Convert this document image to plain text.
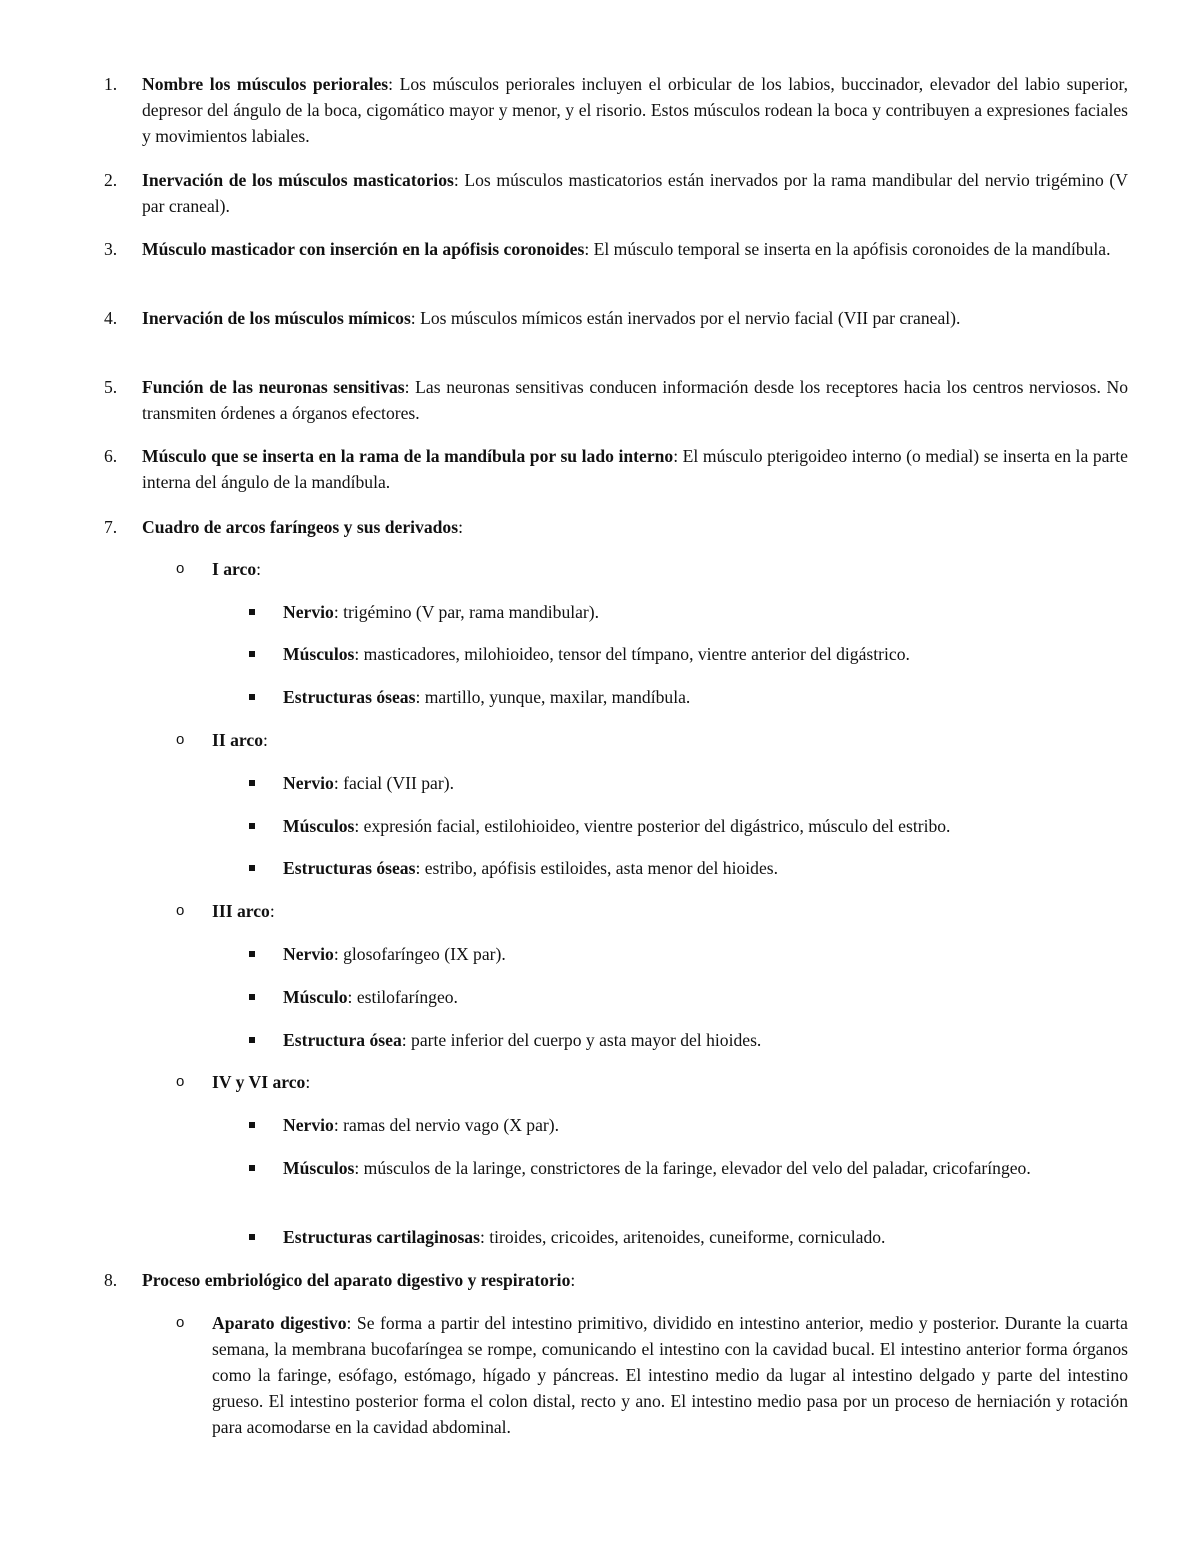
1. Nombre los músculos periorales: Los músculos periorales incluyen el orbicular de los labios, buccinador, elevador del labio superior, depresor del ángulo de la boca, cigomático mayor y menor, y el risorio. Estos músculos rodean la boca y contribuyen a expresiones faciales y movimientos labiales.
2. Inervación de los músculos masticatorios: Los músculos masticatorios están inervados por la rama mandibular del nervio trigémino (V par craneal).
3. Músculo masticador con inserción en la apófisis coronoides: El músculo temporal se inserta en la apófisis coronoides de la mandíbula.
4. Inervación de los músculos mímicos: Los músculos mímicos están inervados por el nervio facial (VII par craneal).
5. Función de las neuronas sensitivas: Las neuronas sensitivas conducen información desde los receptores hacia los centros nerviosos. No transmiten órdenes a órganos efectores.
6. Músculo que se inserta en la rama de la mandíbula por su lado interno: El músculo pterigoideo interno (o medial) se inserta en la parte interna del ángulo de la mandíbula.
7. Cuadro de arcos faríngeos y sus derivados:
o I arco:
Nervio: trigémino (V par, rama mandibular).
Músculos: masticadores, milohioideo, tensor del tímpano, vientre anterior del digástrico.
Estructuras óseas: martillo, yunque, maxilar, mandíbula.
o II arco:
Nervio: facial (VII par).
Músculos: expresión facial, estilohioideo, vientre posterior del digástrico, músculo del estribo.
Estructuras óseas: estribo, apófisis estiloides, asta menor del hioides.
o III arco:
Nervio: glosofaríngeo (IX par).
Músculo: estilofaríngeo.
Estructura ósea: parte inferior del cuerpo y asta mayor del hioides.
o IV y VI arco:
Nervio: ramas del nervio vago (X par).
Músculos: músculos de la laringe, constrictores de la faringe, elevador del velo del paladar, cricofaríngeo.
Estructuras cartilaginosas: tiroides, cricoides, aritenoides, cuneiforme, corniculado.
8. Proceso embriológico del aparato digestivo y respiratorio:
o Aparato digestivo: Se forma a partir del intestino primitivo, dividido en intestino anterior, medio y posterior. Durante la cuarta semana, la membrana bucofaríngea se rompe, comunicando el intestino con la cavidad bucal. El intestino anterior forma órganos como la faringe, esófago, estómago, hígado y páncreas. El intestino medio da lugar al intestino delgado y parte del intestino grueso. El intestino posterior forma el colon distal, recto y ano. El intestino medio pasa por un proceso de herniación y rotación para acomodarse en la cavidad abdominal.
